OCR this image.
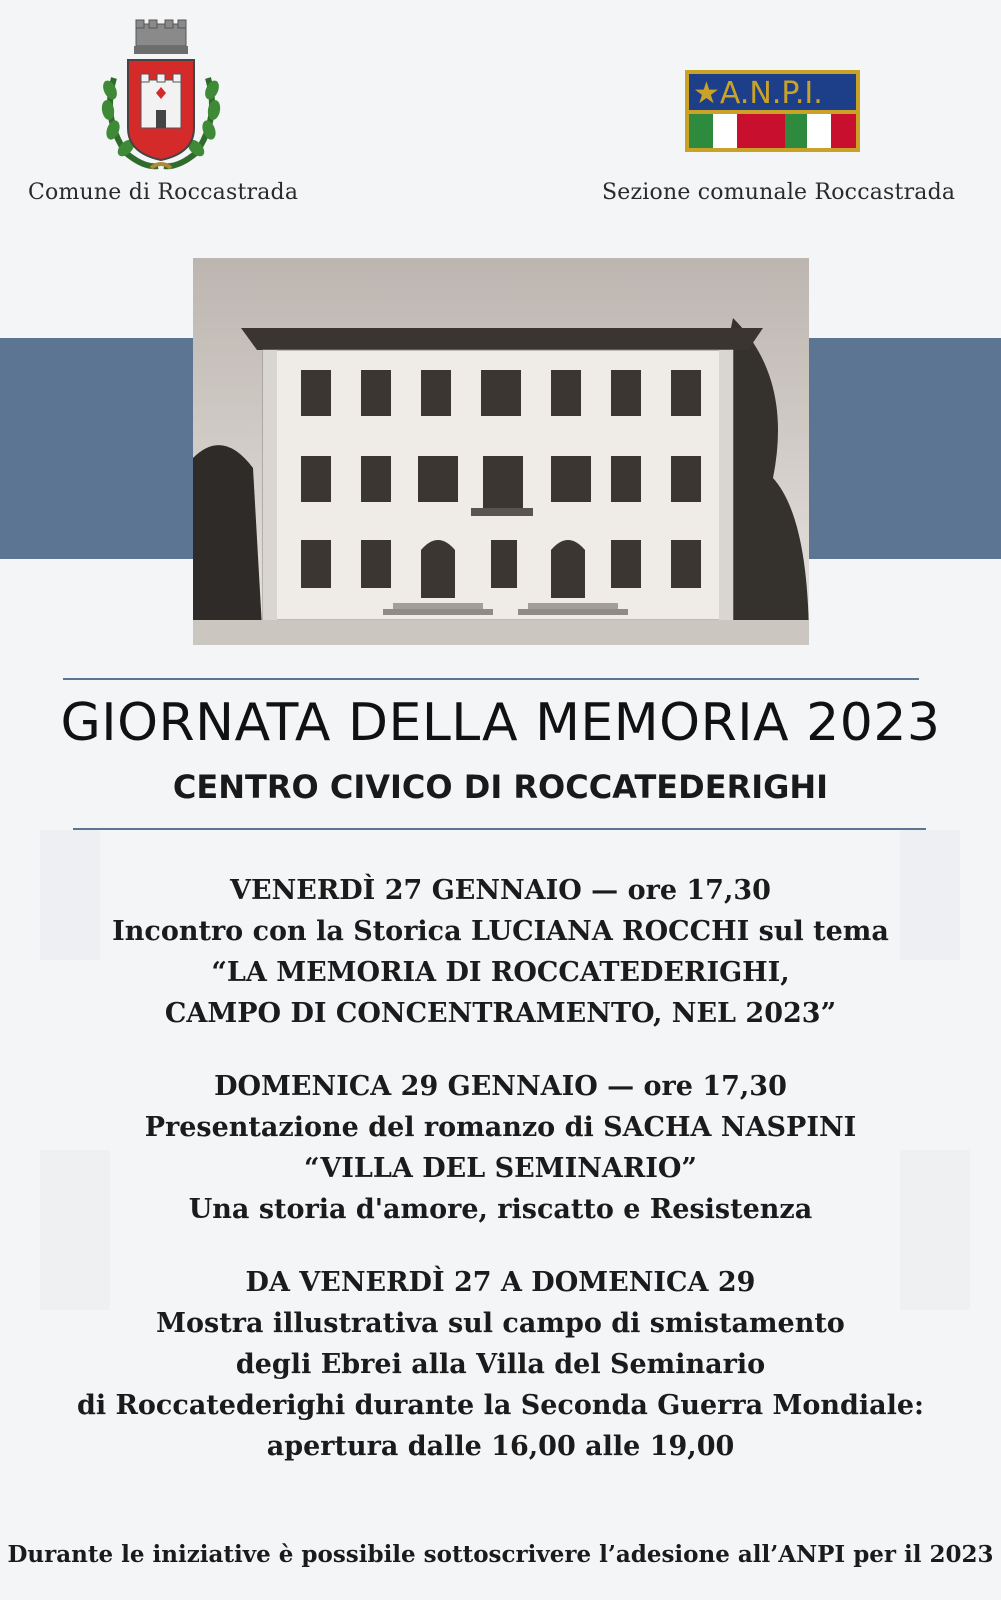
★A.N.P.I.
Comune di Roccastrada	Sezione comunale Roccastrada
GIORNATA DELLA MEMORIA 2023
CENTRO CIVICO DI ROCCATEDERIGHI
VENERDÌ 27 GENNAIO — ore 17,30
Incontro con la Storica LUCIANA ROCCHI sul tema
“LA MEMORIA DI ROCCATEDERIGHI,
CAMPO DI CONCENTRAMENTO, NEL 2023”
DOMENICA 29 GENNAIO — ore 17,30
Presentazione del romanzo di SACHA NASPINI
“VILLA DEL SEMINARIO”
Una storia d'amore, riscatto e Resistenza
DA VENERDÌ 27 A DOMENICA 29
Mostra illustrativa sul campo di smistamento
degli Ebrei alla Villa del Seminario
di Roccatederighi durante la Seconda Guerra Mondiale:
apertura dalle 16,00 alle 19,00
Durante le iniziative è possibile sottoscrivere l’adesione all’ANPI per il 2023
